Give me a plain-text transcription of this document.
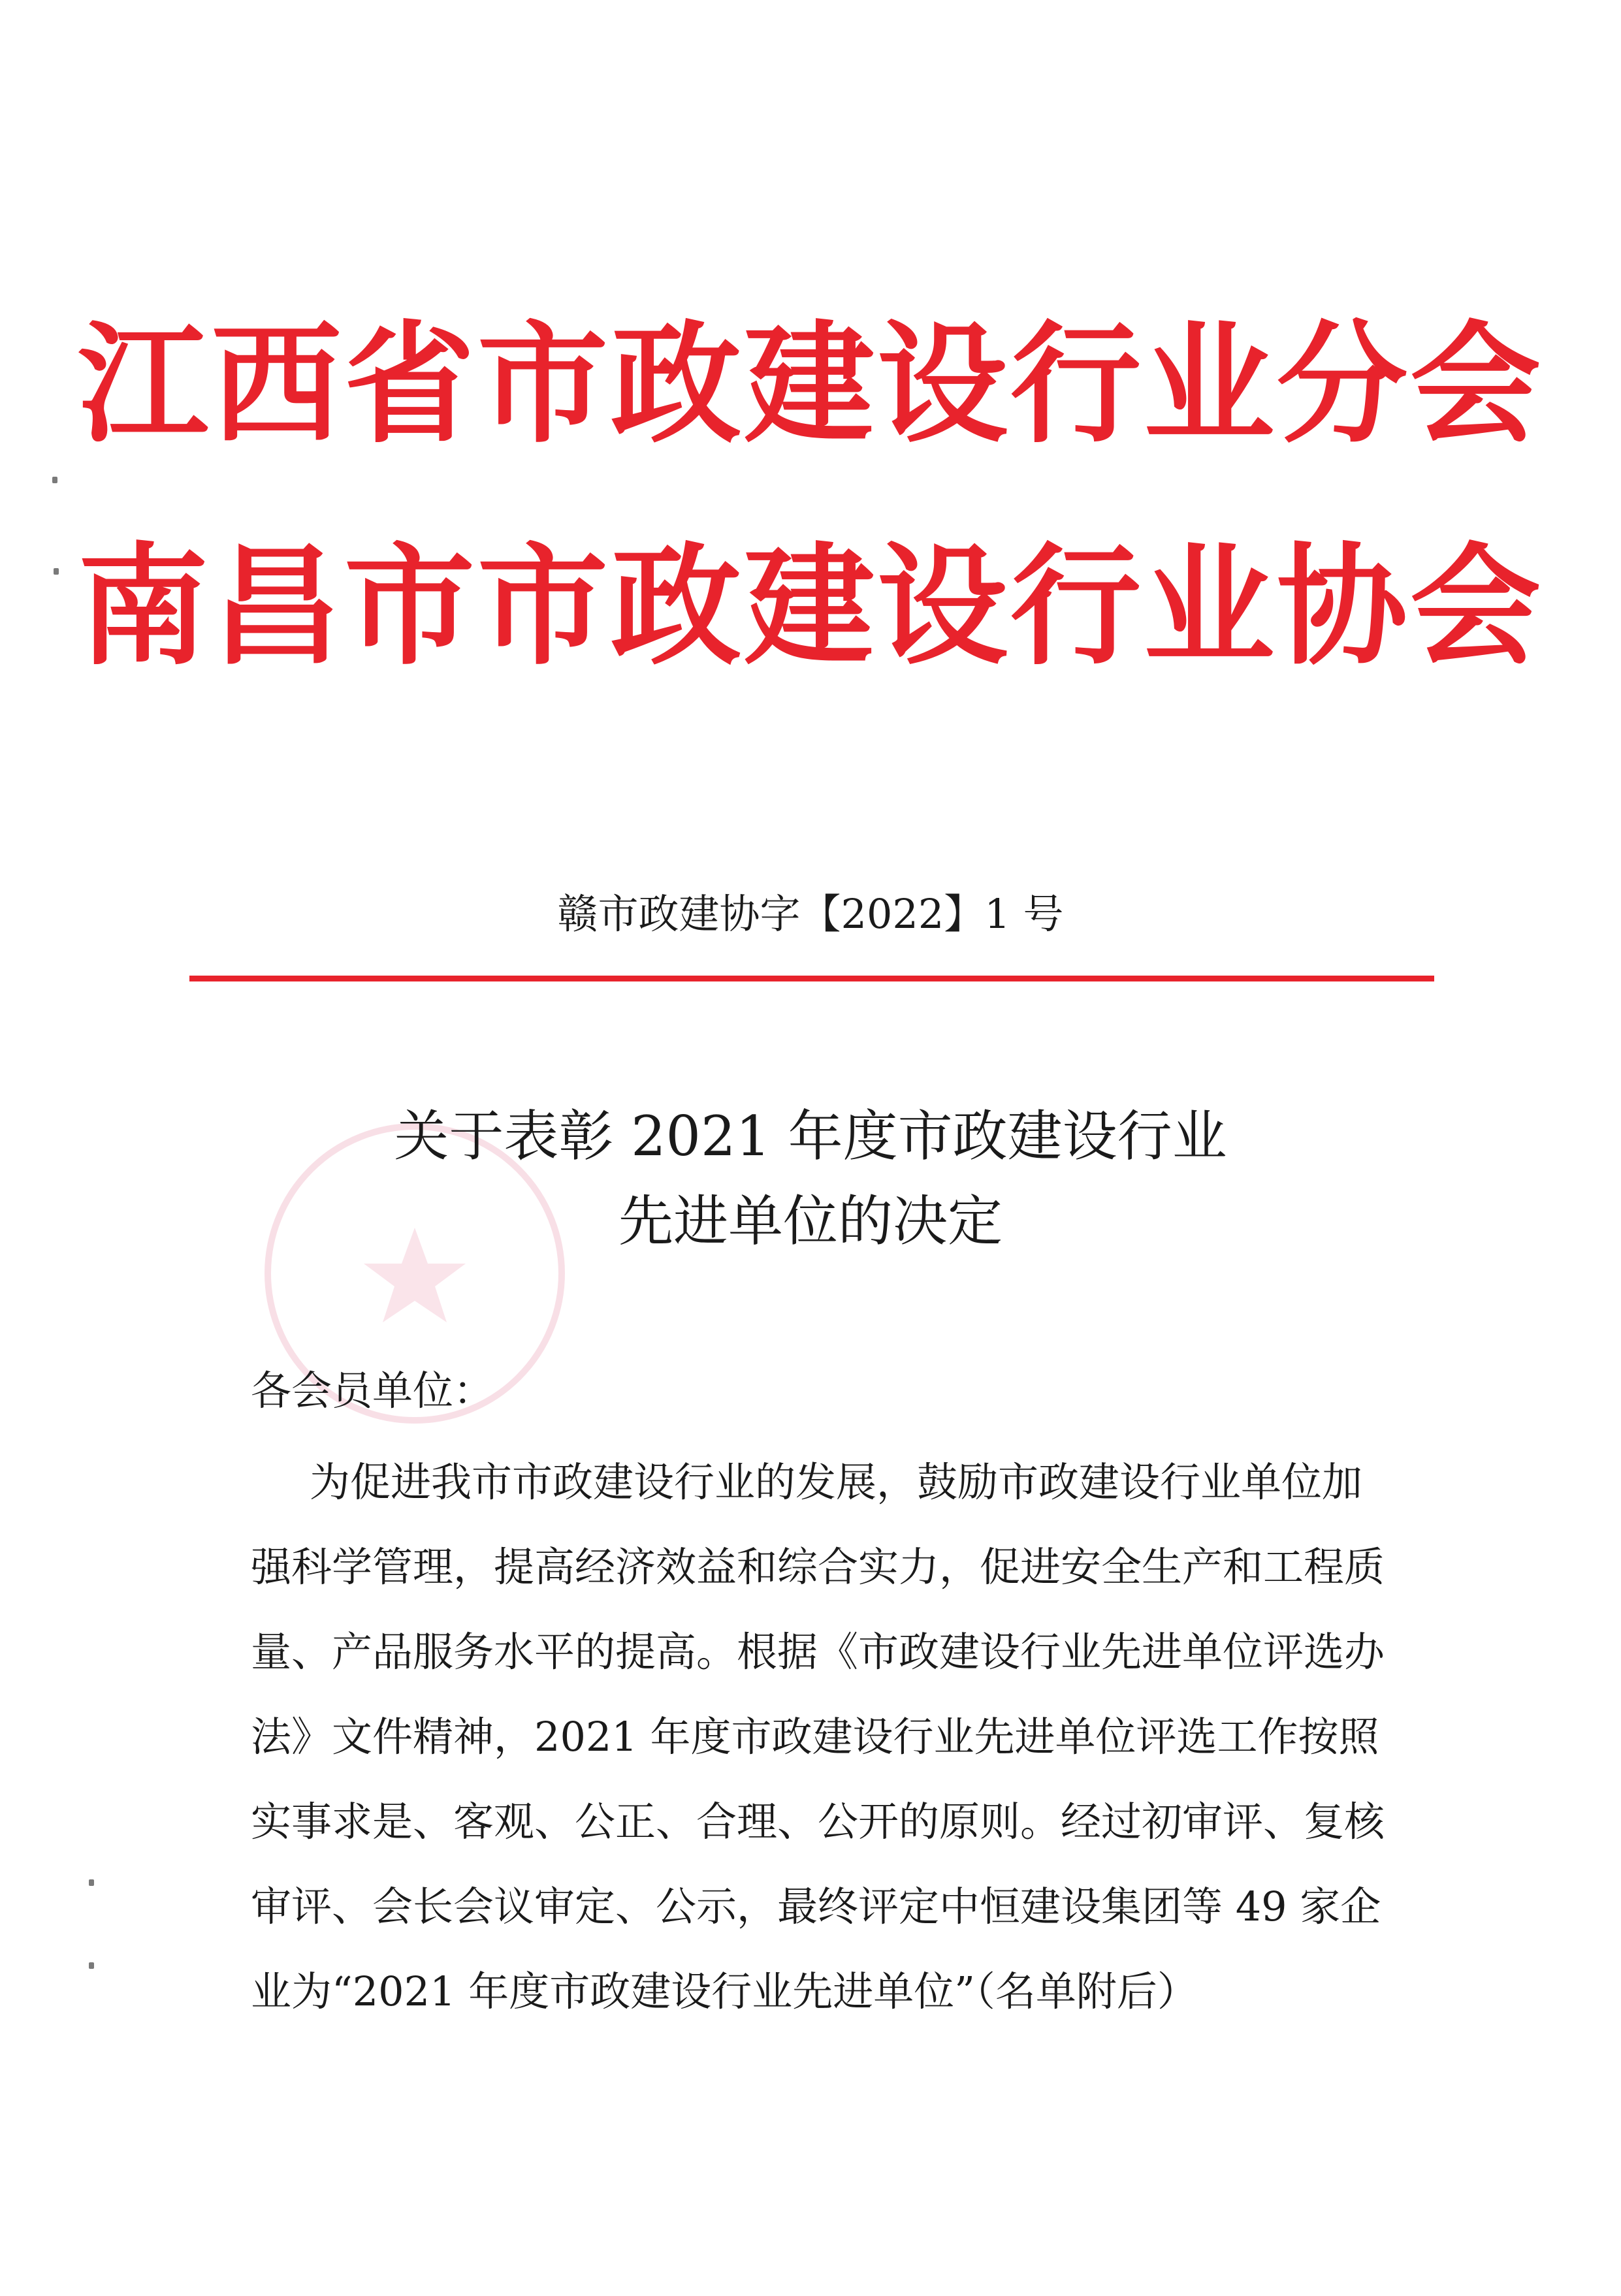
江西省市政建设行业分会
南昌市市政建设行业协会
赣市政建协字【2022】1 号
关于表彰 2021 年度市政建设行业
先进单位的决定
各会员单位：
为促进我市市政建设行业的发展，鼓励市政建设行业单位加
强科学管理，提高经济效益和综合实力，促进安全生产和工程质
量、产品服务水平的提高。根据《市政建设行业先进单位评选办
法》文件精神，2021 年度市政建设行业先进单位评选工作按照
实事求是、客观、公正、合理、公开的原则。经过初审评、复核
审评、会长会议审定、公示，最终评定中恒建设集团等 49 家企
业为“2021 年度市政建设行业先进单位”（名单附后）
